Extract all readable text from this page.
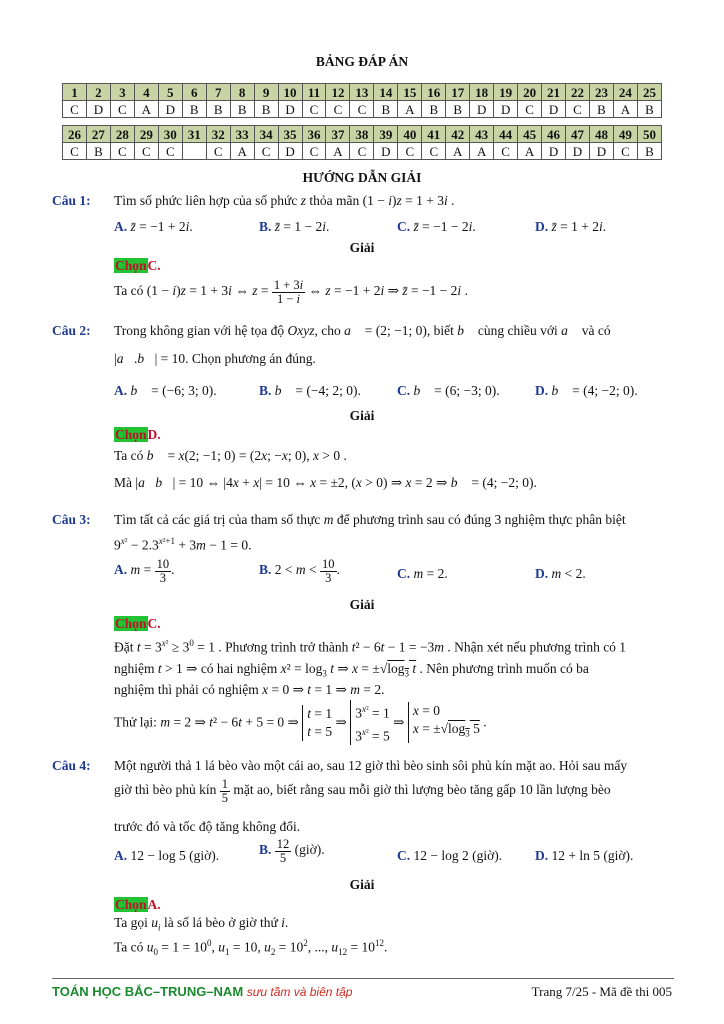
BẢNG ĐÁP ÁN
1	2	3	4	5	6	7	8	9	10	11	12	13	14	15	16	17	18	19	20	21	22	23	24	25
C	D	C	A	D	B	B	B	B	D	C	C	C	B	A	B	B	D	D	C	D	C	B	A	B
26	27	28	29	30	31	32	33	34	35	36	37	38	39	40	41	42	43	44	45	46	47	48	49	50
C	B	C	C	C		C	A	C	D	C	A	C	D	C	C	A	A	C	A	D	D	D	C	B
HƯỚNG DẪN GIẢI
Câu 1: Tìm số phức liên hợp của số phức z thỏa mãn (1 − i)z = 1 + 3i .
A. z̄ = −1 + 2i.	B. z̄ = 1 − 2i.	C. z̄ = −1 − 2i.	D. z̄ = 1 + 2i.
Giải
ChọnC.
Ta có (1 − i)z = 1 + 3i ⇔ $z = \frac{1 + 3i}{1 - i}$ ⇔ z = −1 + 2i ⇒ z̄ = −1 − 2i .
Câu 2: Trong không gian với hệ tọa độ Oxyz, cho a⃗ = (2; −1; 0), biết b⃗ cùng chiều với a⃗ và có
|a⃗.b⃗| = 10. Chọn phương án đúng.
A. b⃗ = (−6; 3; 0).	B. b⃗ = (−4; 2; 0).	C. b⃗ = (6; −3; 0).	D. b⃗ = (4; −2; 0).
Giải
ChọnD.
Ta có b⃗ = x(2; −1; 0) = (2x; −x; 0), x > 0 .
Mà |a⃗b⃗| = 10 ⇔ |4x + x| = 10 ⇔ x = ±2, (x > 0) ⇒ x = 2 ⇒ b⃗ = (4; −2; 0).
Câu 3: Tìm tất cả các giá trị của tham số thực m để phương trình sau có đúng 3 nghiệm thực phân biệt
$9^{x^2} - 2.3^{x^2+1} + 3m - 1 = 0$.
A. $m = \frac{10}{3}$ .	B. $2 < m < \frac{10}{3}$ .	C. m = 2.	D. m < 2.
Giải
ChọnC.
Đặt $t = 3^{x^2} \ge 3^0 = 1$ . Phương trình trở thành t² − 6t − 1 = −3m . Nhận xét nếu phương trình có 1
nghiệm t > 1 ⇒ có hai nghiệm $x^2 = \log_3 t$ ⇒ $x = \pm√\log_3$ t . Nên phương trình muốn có ba
nghiệm thì phải có nghiệm x = 0 ⇒ t = 1 ⇒ m = 2.
Thử lại: m = 2 ⇒ t² − 6t + 5 = 0 ⇒ t = 1
t = 5 ⇒ $3^{x^2} = 1$
$3^{x^2} = 5$ ⇒ x = 0
$x = \pm√\log_3$ 5 .
Câu 4: Một người thả 1 lá bèo vào một cái ao, sau 12 giờ thì bèo sinh sôi phủ kín mặt ao. Hỏi sau mấy
giờ thì bèo phủ kín $\frac{1}{5}$ mặt ao, biết rằng sau mỗi giờ thì lượng bèo tăng gấp 10 lần lượng bèo
trước đó và tốc độ tăng không đổi.
A. 12 − log 5 (giờ).	B. $\frac{12}{5}$ (giờ).	C. 12 − log 2 (giờ). D. 12 + ln 5 (giờ).
Giải
ChọnA.
Ta gọi $u_i$ là số lá bèo ở giờ thứ i.
Ta có $u_0 = 1 = 10^0$, $u_1 = 10$, $u_2 = 10^2$, ..., $u_{12} = 10^{12}$.
TOÁN HỌC BẮC–TRUNG–NAM sưu tầm và biên tập	Trang 7/25 - Mã đề thi 005
